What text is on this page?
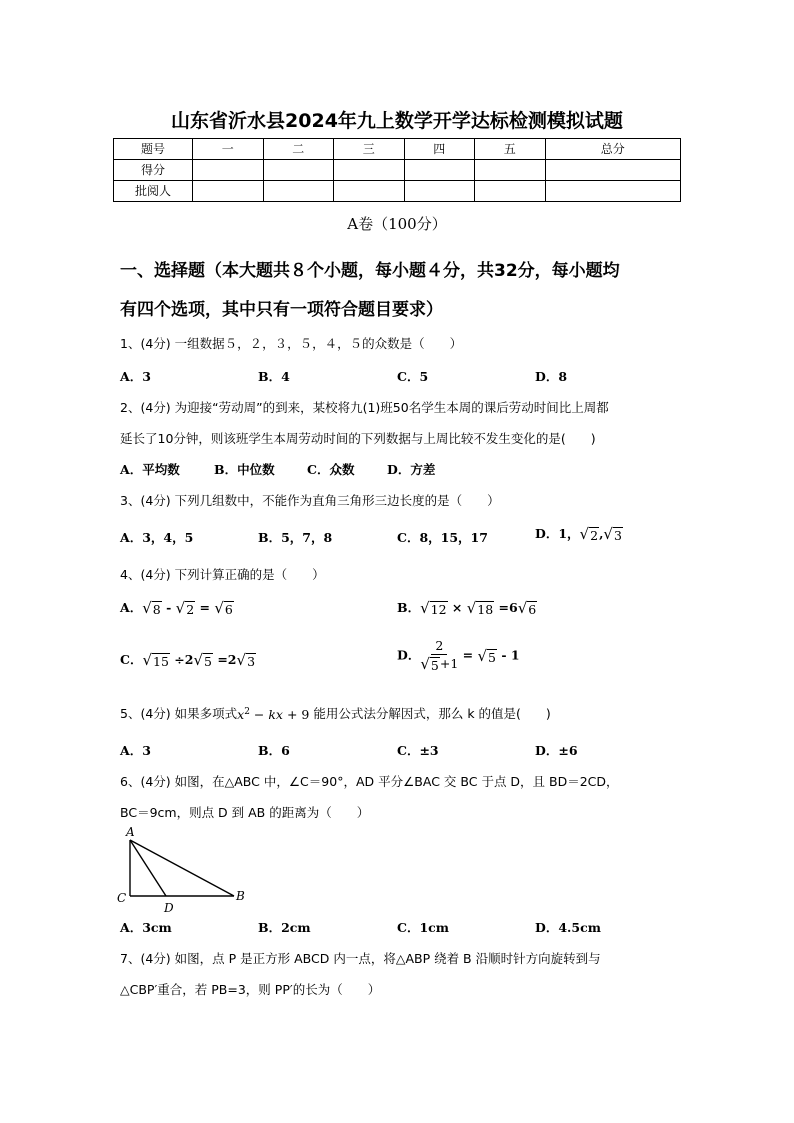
山东省沂水县2024年九上数学开学达标检测模拟试题
题号	一	二	三	四	五	总分
得分						
批阅人						
A卷（100分）
一、选择题（本大题共８个小题，每小题４分，共32分，每小题均
有四个选项，其中只有一项符合题目要求）
1、(4分) 一组数据５，２，３，５，４，５的众数是（　　）
A．3	B．4	C．5	D．8
2、(4分) 为迎接“劳动周”的到来，某校将九(1)班50名学生本周的课后劳动时间比上周都
延长了10分钟，则该班学生本周劳动时间的下列数据与上周比较不发生变化的是(　　)
A．平均数	B．中位数	C．众数	D．方差
3、(4分) 下列几组数中，不能作为直角三角形三边长度的是（　　）
A．3，4，5	B．5，7，8	C．8，15，17	D．1， √ 2 , √ 3
4、(4分) 下列计算正确的是（　　）
A． √ 8 - √ 2 = √ 6	B． √ 12 × √ 18 =6 √ 6
C． √ 15 ÷2 √ 5 =2 √ 3	D． $\frac{2}{√ 5 +1}$ = √ 5 - 1
5、(4分) 如果多项式$x^2$ − kx + 9 能用公式法分解因式，那么 k 的值是(　　)
A．3	B．6	C．±3	D．±6
6、(4分) 如图，在△ABC 中，∠C＝90°，AD 平分∠BAC 交 BC 于点 D，且 BD＝2CD，
BC＝9cm，则点 D 到 AB 的距离为（　　）
A
C
D
B
A．3cm	B．2cm	C．1cm	D．4.5cm
7、(4分) 如图，点 P 是正方形 ABCD 内一点，将△ABP 绕着 B 沿顺时针方向旋转到与
△CBP′重合，若 PB=3，则 PP′的长为（　　）
